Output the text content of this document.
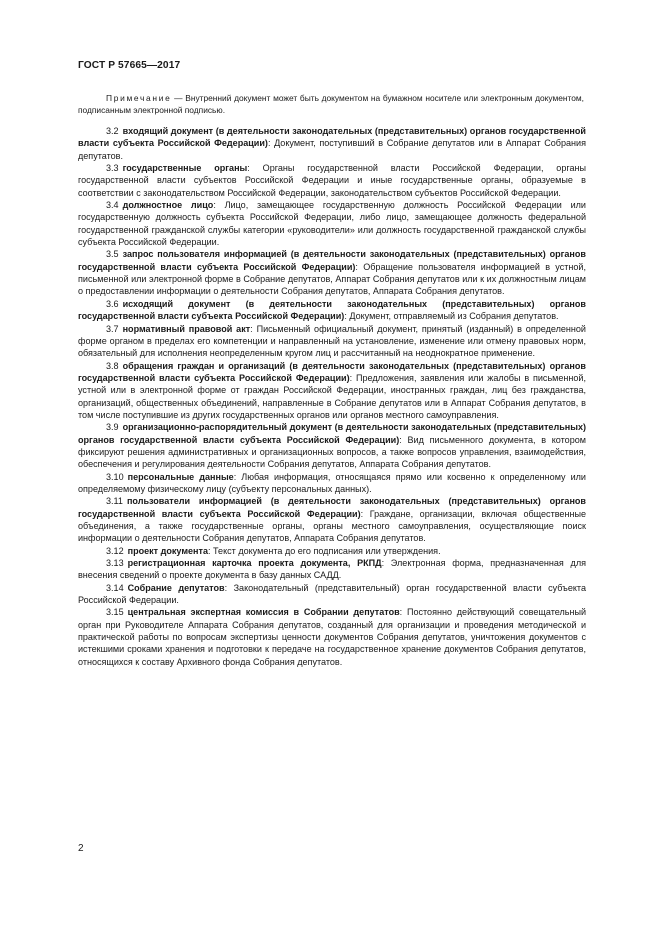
ГОСТ Р 57665—2017
Примечание — Внутренний документ может быть документом на бумажном носителе или электронным документом, подписанным электронной подписью.

3.2 входящий документ (в деятельности законодательных (представительных) органов государственной власти субъекта Российской Федерации): Документ, поступивший в Собрание депутатов или в Аппарат Собрания депутатов.

3.3 государственные органы: Органы государственной власти Российской Федерации, органы государственной власти субъектов Российской Федерации и иные государственные органы, образуемые в соответствии с законодательством Российской Федерации, законодательством субъектов Российской Федерации.

3.4 должностное лицо: Лицо, замещающее государственную должность Российской Федерации или государственную должность субъекта Российской Федерации, либо лицо, замещающее должность федеральной государственной гражданской службы категории «руководители» или должность государственной гражданской службы субъекта Российской Федерации.

3.5 запрос пользователя информацией (в деятельности законодательных (представительных) органов государственной власти субъекта Российской Федерации): Обращение пользователя информацией в устной, письменной или электронной форме в Собрание депутатов, Аппарат Собрания депутатов или к их должностным лицам о предоставлении информации о деятельности Собрания депутатов, Аппарата Собрания депутатов.

3.6 исходящий документ (в деятельности законодательных (представительных) органов государственной власти субъекта Российской Федерации): Документ, отправляемый из Собрания депутатов.

3.7 нормативный правовой акт: Письменный официальный документ, принятый (изданный) в определенной форме органом в пределах его компетенции и направленный на установление, изменение или отмену правовых норм, обязательный для исполнения неопределенным кругом лиц и рассчитанный на неоднократное применение.

3.8 обращения граждан и организаций (в деятельности законодательных (представительных) органов государственной власти субъекта Российской Федерации): Предложения, заявления или жалобы в письменной, устной или в электронной форме от граждан Российской Федерации, иностранных граждан, лиц без гражданства, организаций, общественных объединений, направленные в Собрание депутатов или в Аппарат Собрания депутатов, в том числе поступившие из других государственных органов или органов местного самоуправления.

3.9 организационно-распорядительный документ (в деятельности законодательных (представительных) органов государственной власти субъекта Российской Федерации): Вид письменного документа, в котором фиксируют решения административных и организационных вопросов, а также вопросов управления, взаимодействия, обеспечения и регулирования деятельности Собрания депутатов, Аппарата Собрания депутатов.

3.10 персональные данные: Любая информация, относящаяся прямо или косвенно к определенному или определяемому физическому лицу (субъекту персональных данных).

3.11 пользователи информацией (в деятельности законодательных (представительных) органов государственной власти субъекта Российской Федерации): Граждане, организации, включая общественные объединения, а также государственные органы, органы местного самоуправления, осуществляющие поиск информации о деятельности Собрания депутатов, Аппарата Собрания депутатов.

3.12 проект документа: Текст документа до его подписания или утверждения.

3.13 регистрационная карточка проекта документа, РКПД: Электронная форма, предназначенная для внесения сведений о проекте документа в базу данных САДД.

3.14 Собрание депутатов: Законодательный (представительный) орган государственной власти субъекта Российской Федерации.

3.15 центральная экспертная комиссия в Собрании депутатов: Постоянно действующий совещательный орган при Руководителе Аппарата Собрания депутатов, созданный для организации и проведения методической и практической работы по вопросам экспертизы ценности документов Собрания депутатов, уничтожения документов с истекшими сроками хранения и подготовки к передаче на государственное хранение документов Собрания депутатов, относящихся к составу Архивного фонда Собрания депутатов.

2
